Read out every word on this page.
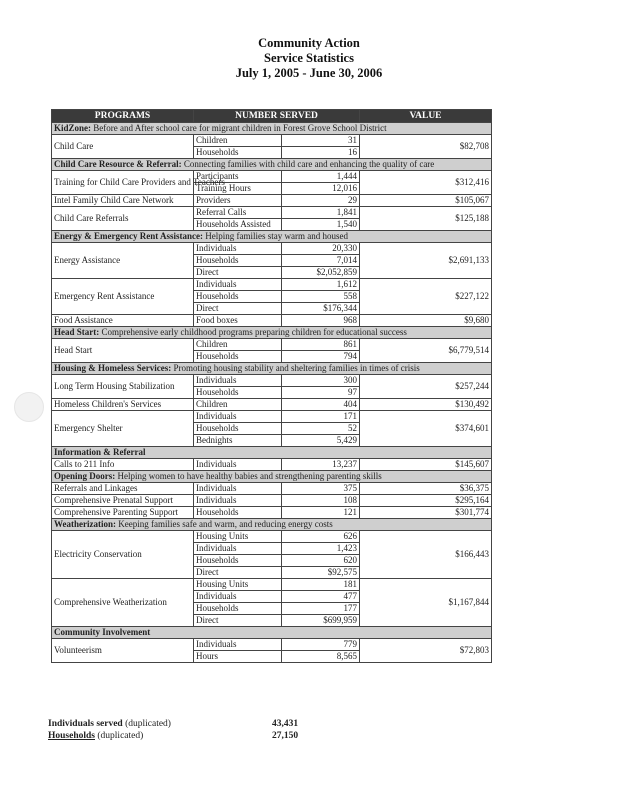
Community Action
Service Statistics
July 1, 2005 - June 30, 2006
PROGRAMS	NUMBER SERVED		VALUE
KidZone: Before and After school care for migrant children in Forest Grove School District			
Child Care	Children	31	$82,708
	Households	16	
Child Care Resource & Referral: Connecting families with child care and enhancing the quality of care			
Training for Child Care Providers and Teachers	Participants	1,444	$312,416
	Training Hours	12,016	
Intel Family Child Care Network	Providers	29	$105,067
Child Care Referrals	Referral Calls	1,841	$125,188
	Households Assisted	1,540	
Energy & Emergency Rent Assistance: Helping families stay warm and housed			
Energy Assistance	Individuals	20,330	$2,691,133
	Households	7,014	
	Direct	$2,052,859	
Emergency Rent Assistance	Individuals	1,612	$227,122
	Households	558	
	Direct	$176,344	
Food Assistance	Food boxes	968	$9,680
Head Start: Comprehensive early childhood programs preparing children for educational success			
Head Start	Children	861	$6,779,514
	Households	794	
Housing & Homeless Services: Promoting housing stability and sheltering families in times of crisis			
Long Term Housing Stabilization	Individuals	300	$257,244
	Households	97	
Homeless Children's Services	Children	404	$130,492
Emergency Shelter	Individuals	171	$374,601
	Households	52	
	Bednights	5,429	
Information & Referral			
Calls to 211 Info	Individuals	13,237	$145,607
Opening Doors: Helping women to have healthy babies and strengthening parenting skills			
Referrals and Linkages	Individuals	375	$36,375
Comprehensive Prenatal Support	Individuals	108	$295,164
Comprehensive Parenting Support	Households	121	$301,774
Weatherization: Keeping families safe and warm, and reducing energy costs			
Electricity Conservation	Housing Units	626	$166,443
	Individuals	1,423	
	Households	620	
	Direct	$92,575	
Comprehensive Weatherization	Housing Units	181	$1,167,844
	Individuals	477	
	Households	177	
	Direct	$699,959	
Community Involvement			
Volunteerism	Individuals	779	$72,803
	Hours	8,565	
Individuals served (duplicated)	43,431
Households (duplicated)	27,150
